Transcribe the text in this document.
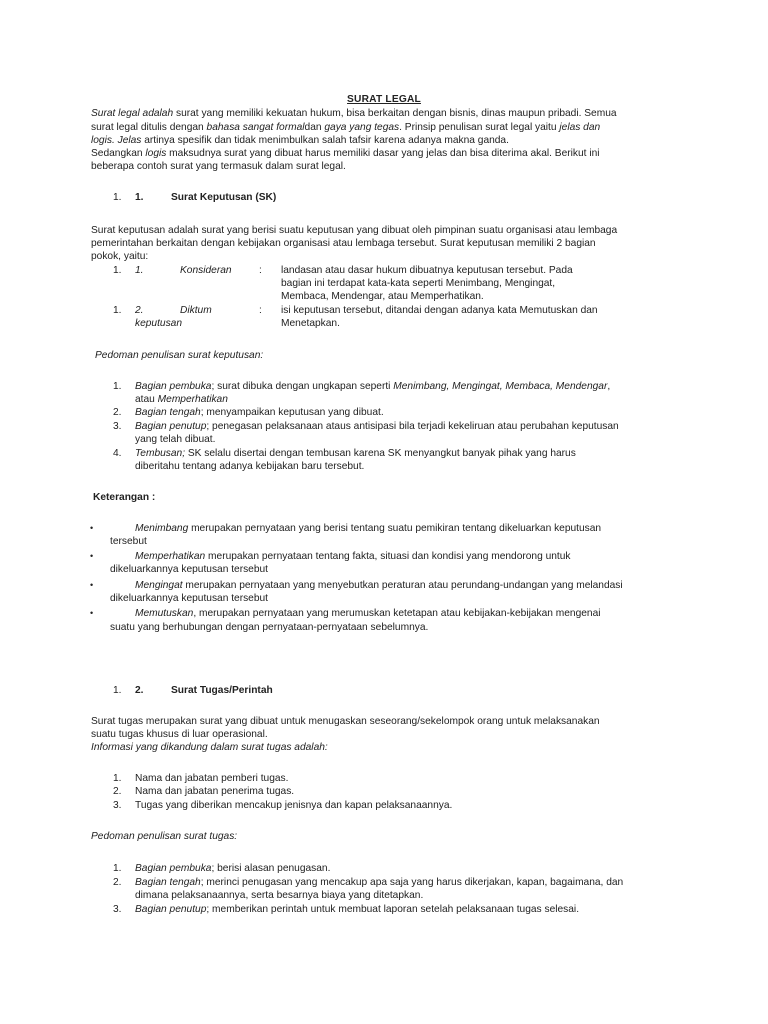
SURAT LEGAL
Surat legal adalah surat yang memiliki kekuatan hukum, bisa berkaitan dengan bisnis, dinas maupun pribadi. Semua
surat legal ditulis dengan bahasa sangat formaldan gaya yang tegas. Prinsip penulisan surat legal yaitu jelas dan
logis. Jelas artinya spesifik dan tidak menimbulkan salah tafsir karena adanya makna ganda.
Sedangkan logis maksudnya surat yang dibuat harus memiliki dasar yang jelas dan bisa diterima akal. Berikut ini
beberapa contoh surat yang termasuk dalam surat legal.
1. 1.	Surat Keputusan (SK)
Surat keputusan adalah surat yang berisi suatu keputusan yang dibuat oleh pimpinan suatu organisasi atau lembaga
pemerintahan berkaitan dengan kebijakan organisasi atau lembaga tersebut. Surat keputusan memiliki 2 bagian
pokok, yaitu:
1. 1.	Konsideran	: landasan atau dasar hukum dibuatnya keputusan tersebut. Pada
bagian ini terdapat kata-kata seperti Menimbang, Mengingat,
Membaca, Mendengar, atau Memperhatikan.
1. 2.	Diktum
keputusan
: isi keputusan tersebut, ditandai dengan adanya kata Memutuskan dan
Menetapkan.
Pedoman penulisan surat keputusan:
1. Bagian pembuka; surat dibuka dengan ungkapan seperti Menimbang, Mengingat, Membaca, Mendengar,
atau Memperhatikan
2. Bagian tengah; menyampaikan keputusan yang dibuat.
3. Bagian penutup; penegasan pelaksanaan ataus antisipasi bila terjadi kekeliruan atau perubahan keputusan
yang telah dibuat.
4. Tembusan; SK selalu disertai dengan tembusan karena SK menyangkut banyak pihak yang harus
diberitahu tentang adanya kebijakan baru tersebut.
Keterangan :
•	Menimbang merupakan pernyataan yang berisi tentang suatu pemikiran tentang dikeluarkan keputusan
tersebut
•	Memperhatikan merupakan pernyataan tentang fakta, situasi dan kondisi yang mendorong untuk
dikeluarkannya keputusan tersebut
•	Mengingat merupakan pernyataan yang menyebutkan peraturan atau perundang-undangan yang melandasi
dikeluarkannya keputusan tersebut
•	Memutuskan, merupakan pernyataan yang merumuskan ketetapan atau kebijakan-kebijakan mengenai
suatu yang berhubungan dengan pernyataan-pernyataan sebelumnya.
1. 2.	Surat Tugas/Perintah
Surat tugas merupakan surat yang dibuat untuk menugaskan seseorang/sekelompok orang untuk melaksanakan
suatu tugas khusus di luar operasional.
Informasi yang dikandung dalam surat tugas adalah:
1. Nama dan jabatan pemberi tugas.
2. Nama dan jabatan penerima tugas.
3. Tugas yang diberikan mencakup jenisnya dan kapan pelaksanaannya.
Pedoman penulisan surat tugas:
1. Bagian pembuka; berisi alasan penugasan.
2. Bagian tengah; merinci penugasan yang mencakup apa saja yang harus dikerjakan, kapan, bagaimana, dan
dimana pelaksanaannya, serta besarnya biaya yang ditetapkan.
3. Bagian penutup; memberikan perintah untuk membuat laporan setelah pelaksanaan tugas selesai.
